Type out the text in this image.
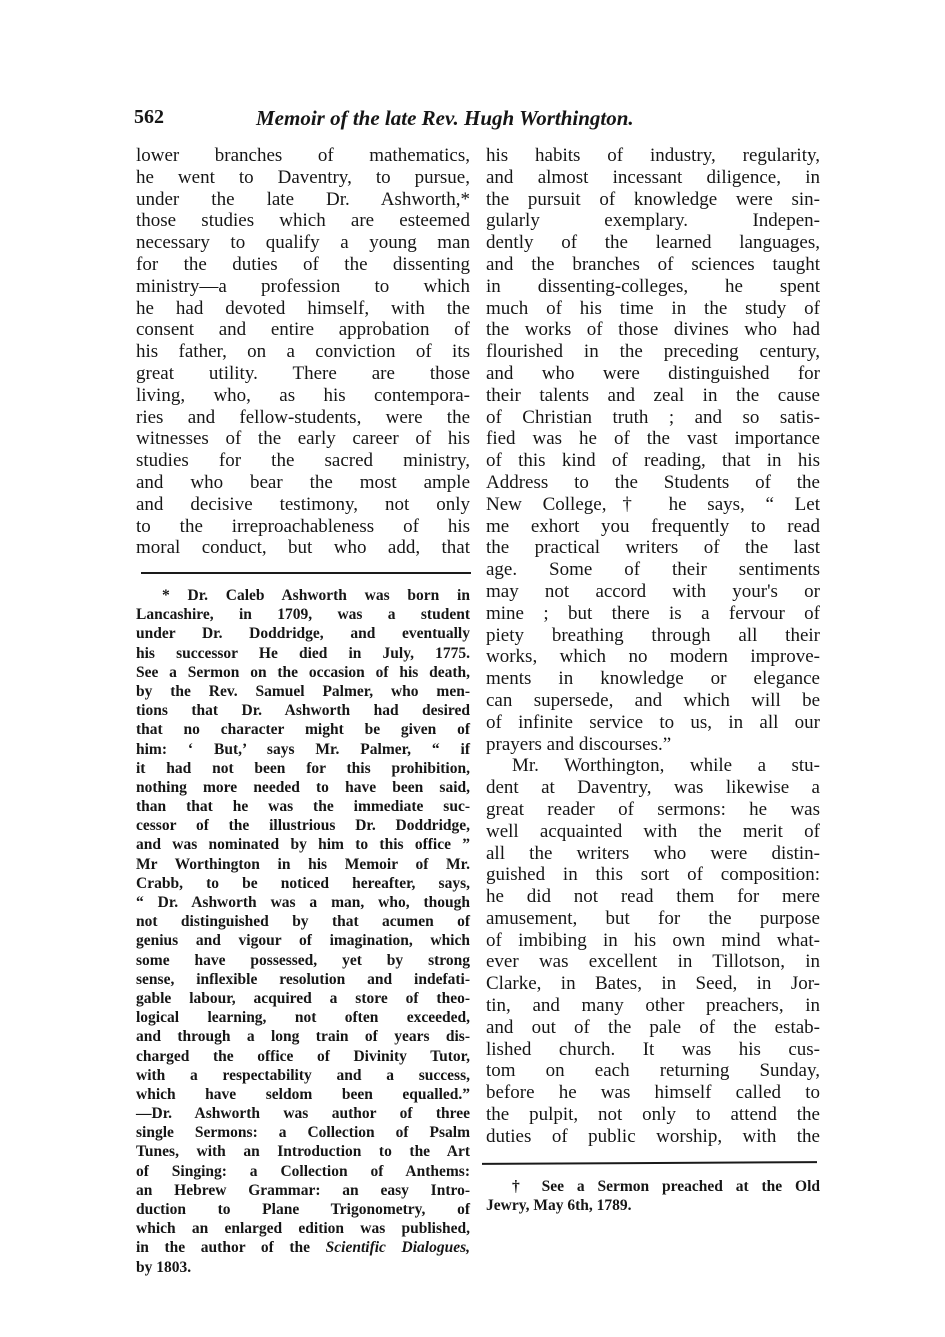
562	Memoir of the late Rev. Hugh Worthington.
lower branches of mathematics,
he went to Daventry, to pursue,
under the late Dr. Ashworth,*
those studies which are esteemed
necessary to qualify a young man
for the duties of the dissenting
ministry—a profession to which
he had devoted himself, with the
consent and entire approbation of
his father, on a conviction of its
great utility. There are those
living, who, as his contempora-
ries and fellow-students, were the
witnesses of the early career of his
studies for the sacred ministry,
and who bear the most ample
and decisive testimony, not only
to the irreproachableness of his
moral conduct, but who add, that
* Dr. Caleb Ashworth was born in
Lancashire, in 1709, was a student
under Dr. Doddridge, and eventually
his successor He died in July, 1775.
See a Sermon on the occasion of his death,
by the Rev. Samuel Palmer, who men-
tions that Dr. Ashworth had desired
that no character might be given of
him: ‘ But,’ says Mr. Palmer, “ if
it had not been for this prohibition,
nothing more needed to have been said,
than that he was the immediate suc-
cessor of the illustrious Dr. Doddridge,
and was nominated by him to this office ”
Mr Worthington in his Memoir of Mr.
Crabb, to be noticed hereafter, says,
“ Dr. Ashworth was a man, who, though
not distinguished by that acumen of
genius and vigour of imagination, which
some have possessed, yet by strong
sense, inflexible resolution and indefati-
gable labour, acquired a store of theo-
logical learning, not often exceeded,
and through a long train of years dis-
charged the office of Divinity Tutor,
with a respectability and a success,
which have seldom been equalled.”
—Dr. Ashworth was author of three
single Sermons: a Collection of Psalm
Tunes, with an Introduction to the Art
of Singing: a Collection of Anthems:
an Hebrew Grammar: an easy Intro-
duction to Plane Trigonometry, of
which an enlarged edition was published,
in the author of the Scientific Dialogues,
by 1803.
his habits of industry, regularity,
and almost incessant diligence, in
the pursuit of knowledge were sin-
gularly exemplary. Indepen-
dently of the learned languages,
and the branches of sciences taught
in dissenting-colleges, he spent
much of his time in the study of
the works of those divines who had
flourished in the preceding century,
and who were distinguished for
their talents and zeal in the cause
of Christian truth ; and so satis-
fied was he of the vast importance
of this kind of reading, that in his
Address to the Students of the
New College,† he says, “ Let
me exhort you frequently to read
the practical writers of the last
age. Some of their sentiments
may not accord with your's or
mine ; but there is a fervour of
piety breathing through all their
works, which no modern improve-
ments in knowledge or elegance
can supersede, and which will be
of infinite service to us, in all our
prayers and discourses.”
Mr. Worthington, while a stu-
dent at Daventry, was likewise a
great reader of sermons: he was
well acquainted with the merit of
all the writers who were distin-
guished in this sort of composition:
he did not read them for mere
amusement, but for the purpose
of imbibing in his own mind what-
ever was excellent in Tillotson, in
Clarke, in Bates, in Seed, in Jor-
tin, and many other preachers, in
and out of the pale of the estab-
lished church. It was his cus-
tom on each returning Sunday,
before he was himself called to
the pulpit, not only to attend the
duties of public worship, with the
† See a Sermon preached at the Old
Jewry, May 6th, 1789.
